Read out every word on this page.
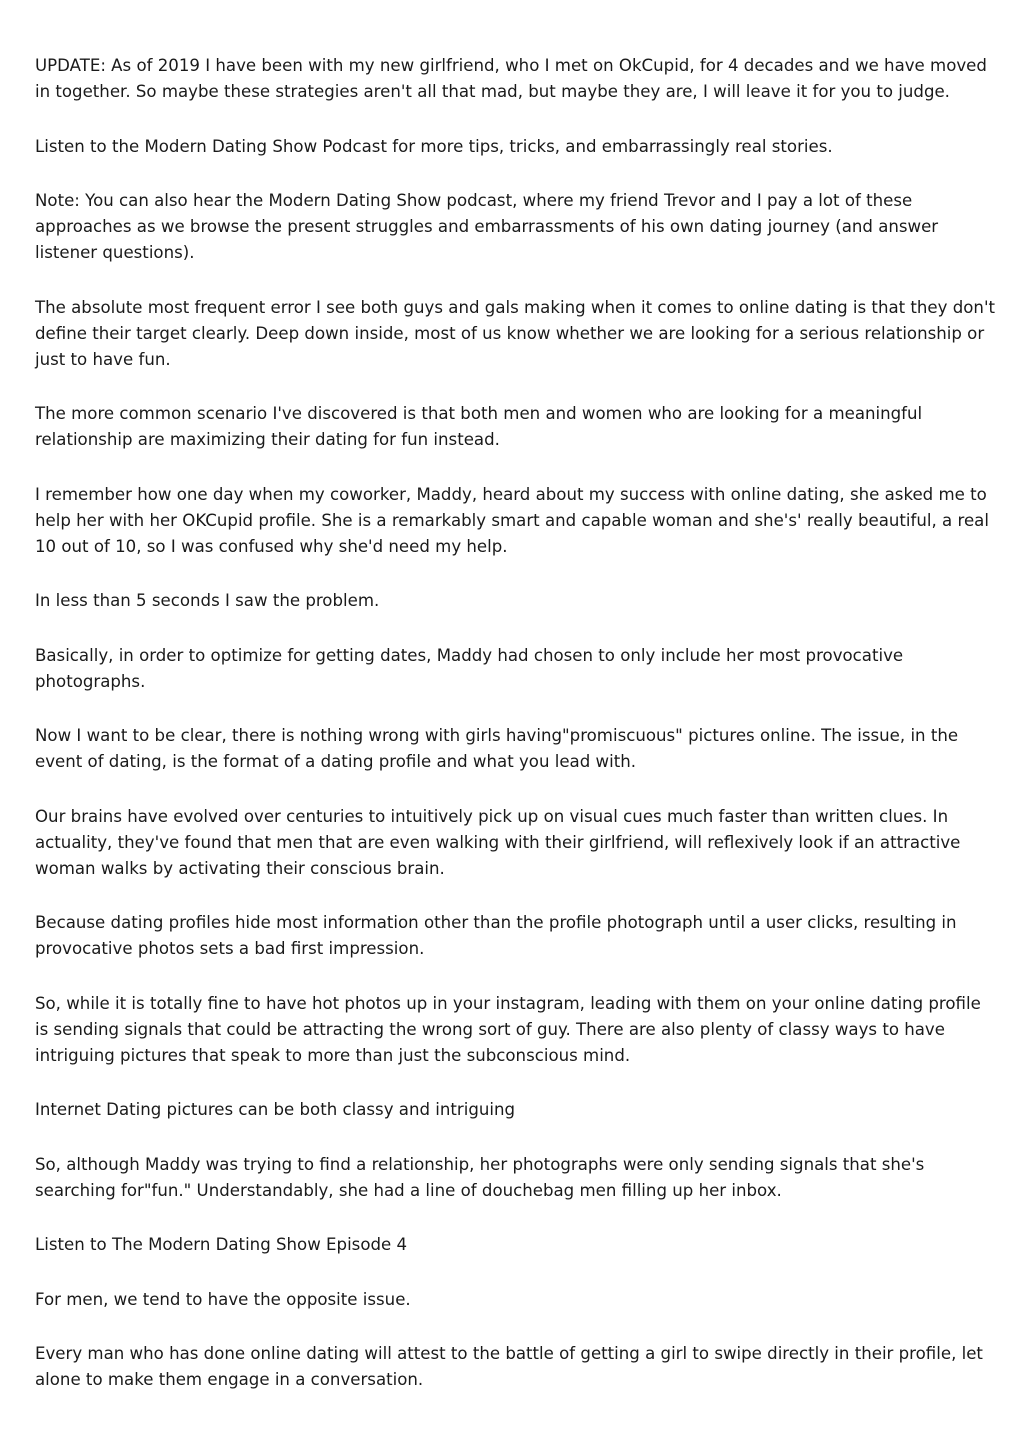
UPDATE: As of 2019 I have been with my new girlfriend, who I met on OkCupid, for 4 decades and we have moved in together. So maybe these strategies aren't all that mad, but maybe they are, I will leave it for you to judge.

Listen to the Modern Dating Show Podcast for more tips, tricks, and embarrassingly real stories.

Note: You can also hear the Modern Dating Show podcast, where my friend Trevor and I pay a lot of these approaches as we browse the present struggles and embarrassments of his own dating journey (and answer listener questions).

The absolute most frequent error I see both guys and gals making when it comes to online dating is that they don't define their target clearly. Deep down inside, most of us know whether we are looking for a serious relationship or just to have fun.

The more common scenario I've discovered is that both men and women who are looking for a meaningful relationship are maximizing their dating for fun instead.

I remember how one day when my coworker, Maddy, heard about my success with online dating, she asked me to help her with her OKCupid profile. She is a remarkably smart and capable woman and she's' really beautiful, a real 10 out of 10, so I was confused why she'd need my help.

In less than 5 seconds I saw the problem.

Basically, in order to optimize for getting dates, Maddy had chosen to only include her most provocative photographs.

Now I want to be clear, there is nothing wrong with girls having"promiscuous" pictures online. The issue, in the event of dating, is the format of a dating profile and what you lead with.

Our brains have evolved over centuries to intuitively pick up on visual cues much faster than written clues. In actuality, they've found that men that are even walking with their girlfriend, will reflexively look if an attractive woman walks by activating their conscious brain.

Because dating profiles hide most information other than the profile photograph until a user clicks, resulting in provocative photos sets a bad first impression.

So, while it is totally fine to have hot photos up in your instagram, leading with them on your online dating profile is sending signals that could be attracting the wrong sort of guy. There are also plenty of classy ways to have intriguing pictures that speak to more than just the subconscious mind.

Internet Dating pictures can be both classy and intriguing

So, although Maddy was trying to find a relationship, her photographs were only sending signals that she's searching for"fun." Understandably, she had a line of douchebag men filling up her inbox.

Listen to The Modern Dating Show Episode 4

For men, we tend to have the opposite issue.

Every man who has done online dating will attest to the battle of getting a girl to swipe directly in their profile, let alone to make them engage in a conversation.
